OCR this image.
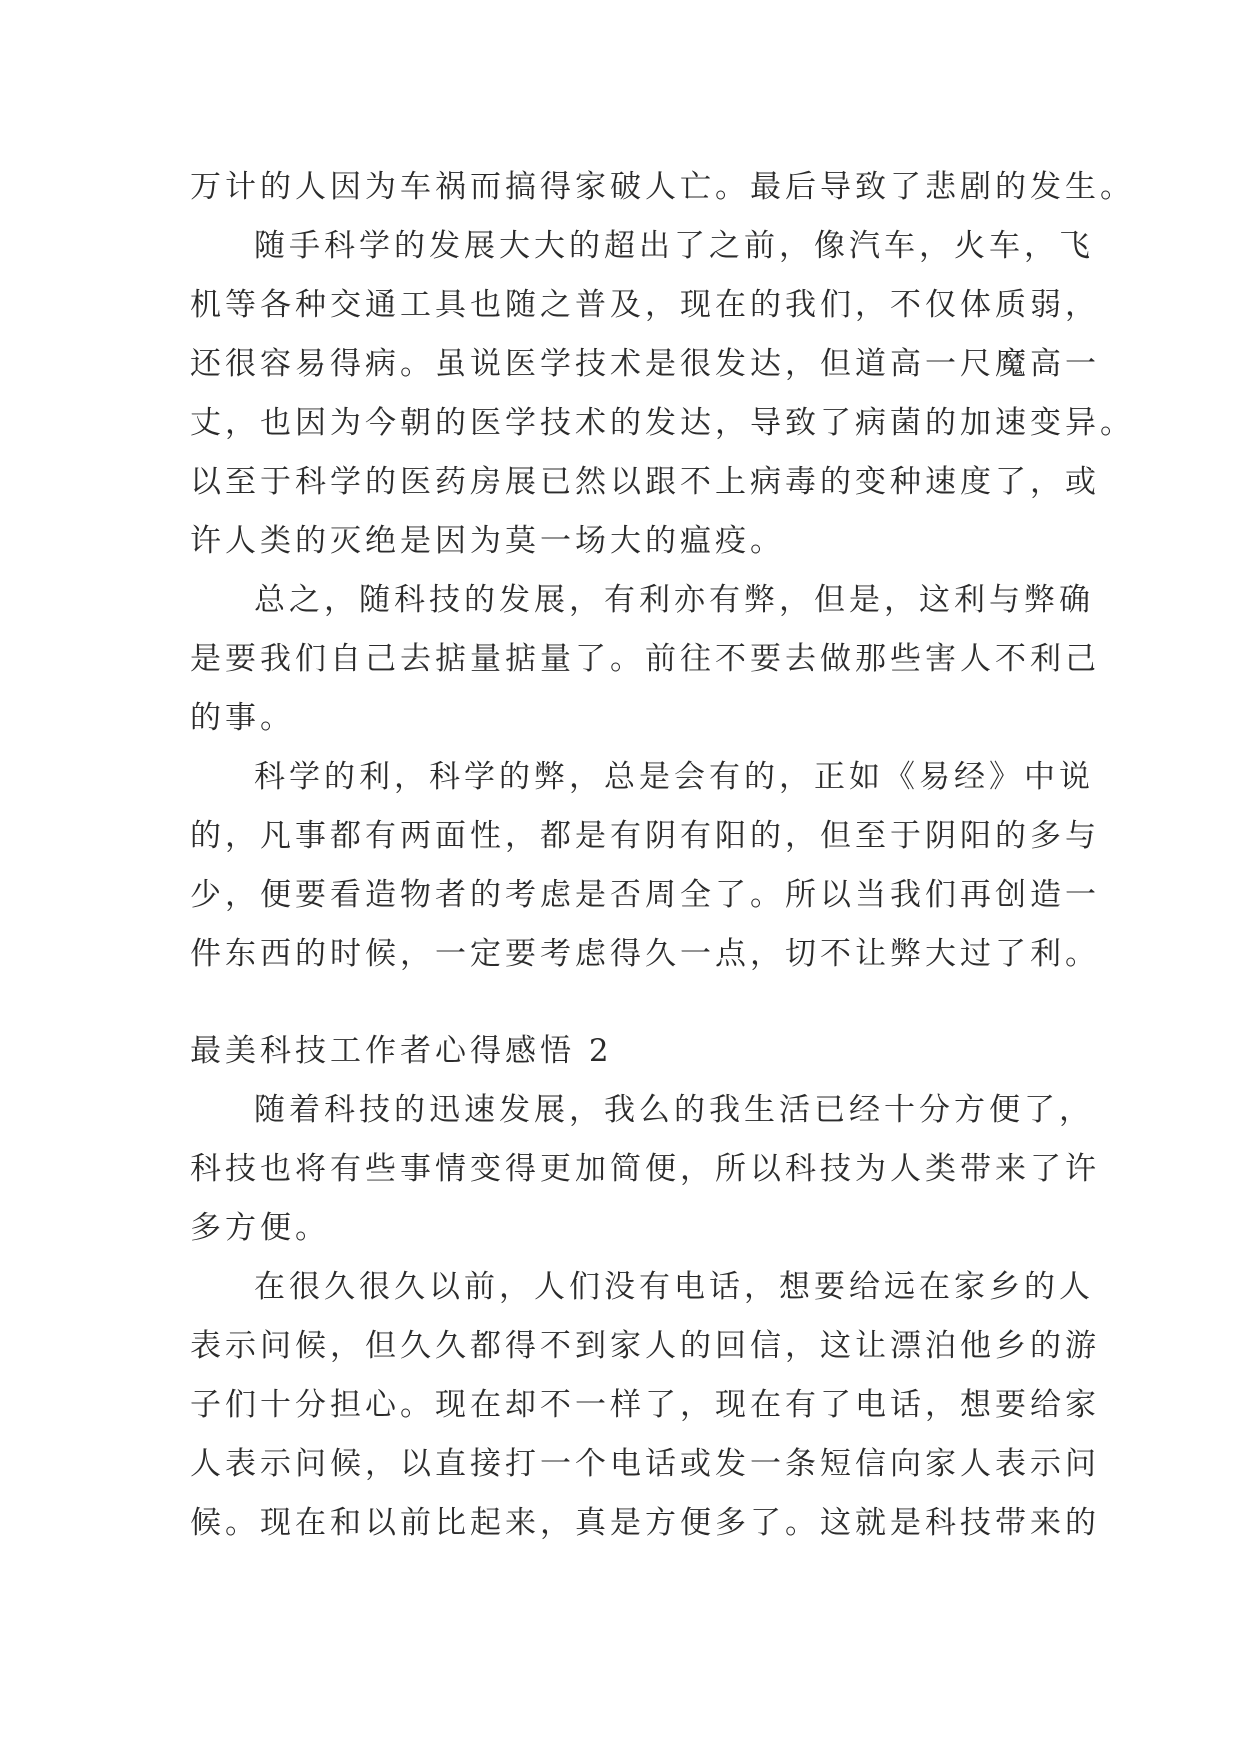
万计的人因为车祸而搞得家破人亡。最后导致了悲剧的发生。
随手科学的发展大大的超出了之前，像汽车，火车，飞
机等各种交通工具也随之普及，现在的我们，不仅体质弱，
还很容易得病。虽说医学技术是很发达，但道高一尺魔高一
丈，也因为今朝的医学技术的发达，导致了病菌的加速变异。
以至于科学的医药房展已然以跟不上病毒的变种速度了，或
许人类的灭绝是因为莫一场大的瘟疫。
总之，随科技的发展，有利亦有弊，但是，这利与弊确
是要我们自己去掂量掂量了。前往不要去做那些害人不利己
的事。
科学的利，科学的弊，总是会有的，正如《易经》中说
的，凡事都有两面性，都是有阴有阳的，但至于阴阳的多与
少，便要看造物者的考虑是否周全了。所以当我们再创造一
件东西的时候，一定要考虑得久一点，切不让弊大过了利。
最美科技工作者心得感悟 2
随着科技的迅速发展，我么的我生活已经十分方便了，
科技也将有些事情变得更加简便，所以科技为人类带来了许
多方便。
在很久很久以前，人们没有电话，想要给远在家乡的人
表示问候，但久久都得不到家人的回信，这让漂泊他乡的游
子们十分担心。现在却不一样了，现在有了电话，想要给家
人表示问候，以直接打一个电话或发一条短信向家人表示问
候。现在和以前比起来，真是方便多了。这就是科技带来的
